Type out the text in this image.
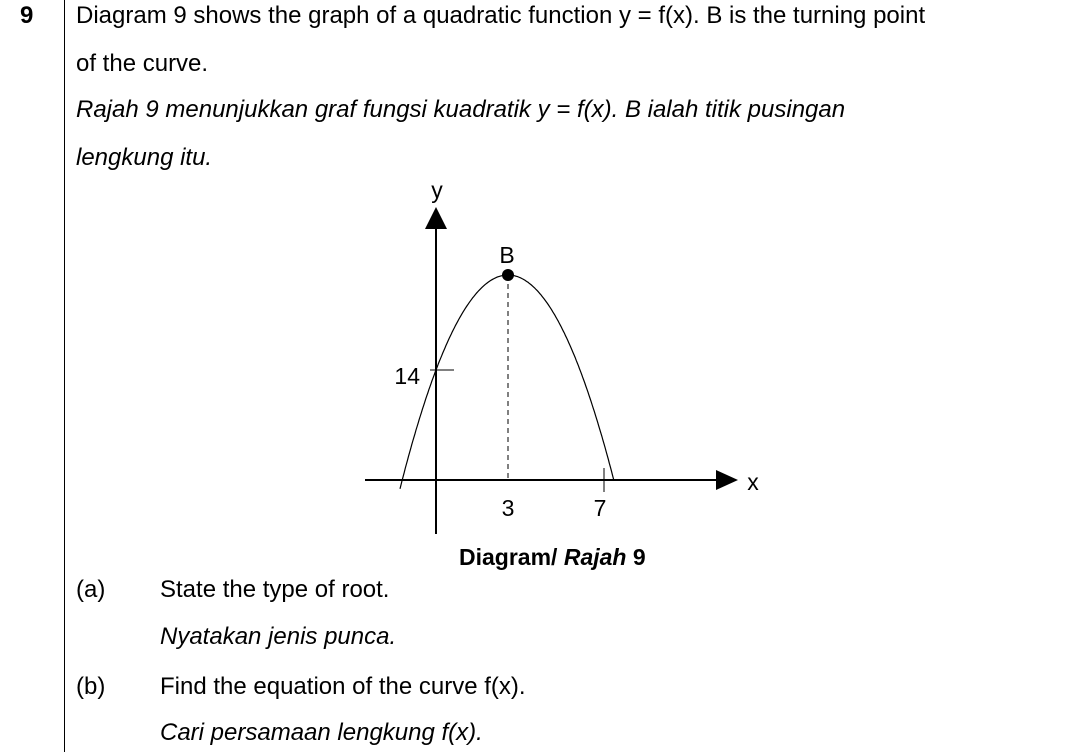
9 Diagram 9 shows the graph of a quadratic function y = f(x). B is the turning point
of the curve.
Rajah 9 menunjukkan graf fungsi kuadratik y = f(x). B ialah titik pusingan
lengkung itu.
B
y
x
14
3	7
Diagram/ Rajah 9
(a) State the type of root.
Nyatakan jenis punca.
(b) Find the equation of the curve f(x).
Cari persamaan lengkung f(x).
